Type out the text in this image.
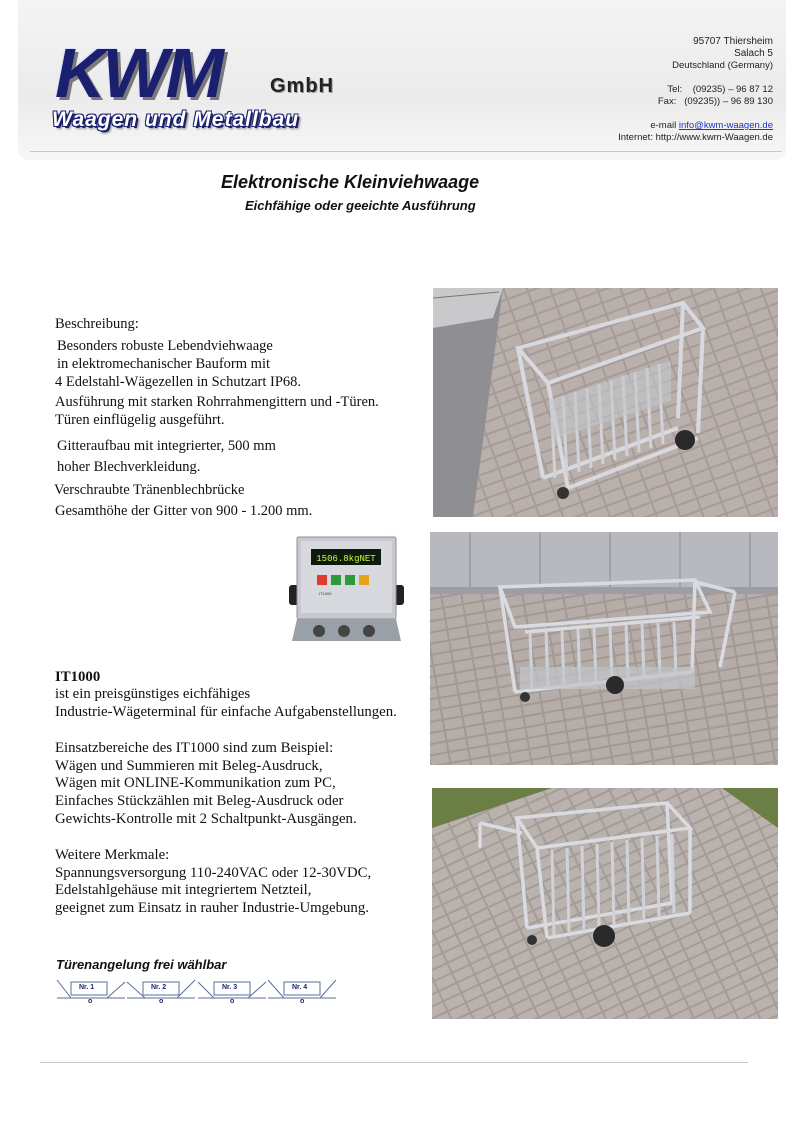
KWM GmbH
Waagen und Metallbau
95707 Thiersheim
Salach 5
Deutschland (Germany)
Tel: (09235) – 96 87 12
Fax: (09235)) – 96 89 130
e-mail info@kwm-waagen.de
Internet: http://www.kwm-Waagen.de
Elektronische Kleinviehwaage
Eichfähige oder geeichte Ausführung
Beschreibung:
Besonders robuste Lebendviehwaage
in elektromechanischer Bauform mit
4 Edelstahl-Wägezellen in Schutzart IP68.
Ausführung mit starken Rohrrahmengittern und -Türen.
Türen einflügelig ausgeführt.
Gitteraufbau mit integrierter, 500 mm
hoher Blechverkleidung.
Verschraubte Tränenblechbrücke
Gesamthöhe der Gitter von 900 - 1.200 mm.
1506.8kgNET
IT1000
IT1000
ist ein preisgünstiges eichfähiges
Industrie-Wägeterminal für einfache Aufgabenstellungen.
Einsatzbereiche des IT1000 sind zum Beispiel:
Wägen und Summieren mit Beleg-Ausdruck,
Wägen mit ONLINE-Kommunikation zum PC,
Einfaches Stückzählen mit Beleg-Ausdruck oder
Gewichts-Kontrolle mit 2 Schaltpunkt-Ausgängen.
Weitere Merkmale:
Spannungsversorgung 110-240VAC oder 12-30VDC,
Edelstahlgehäuse mit integriertem Netzteil,
geeignet zum Einsatz in rauher Industrie-Umgebung.
Türenangelung frei wählbar
Nr. 1
o
Nr. 2
o
Nr. 3
o
Nr. 4
o
